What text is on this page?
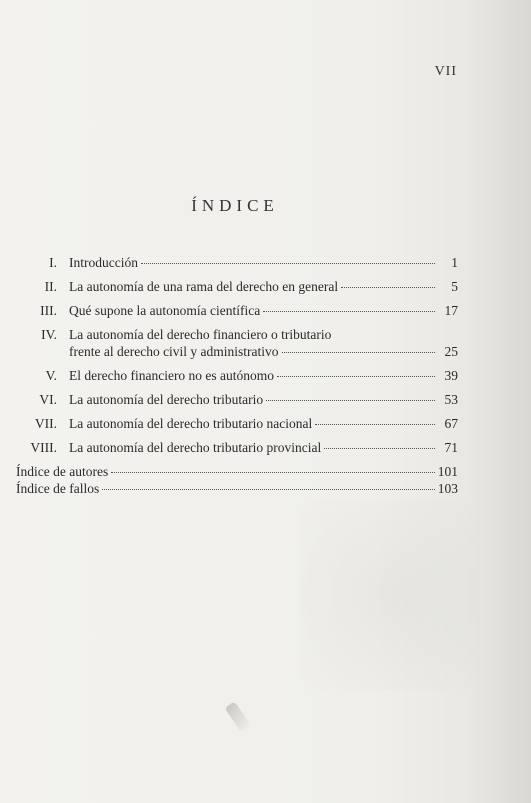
VII
ÍNDICE
I. Introducción	1
II. La autonomía de una rama del derecho en general	5
III. Qué supone la autonomía científica	17
IV. La autonomía del derecho financiero o tributario
frente al derecho civil y administrativo	25
V. El derecho financiero no es autónomo	39
VI. La autonomía del derecho tributario	53
VII. La autonomía del derecho tributario nacional	67
VIII. La autonomía del derecho tributario provincial	71
Índice de autores	101
Índice de fallos	103
